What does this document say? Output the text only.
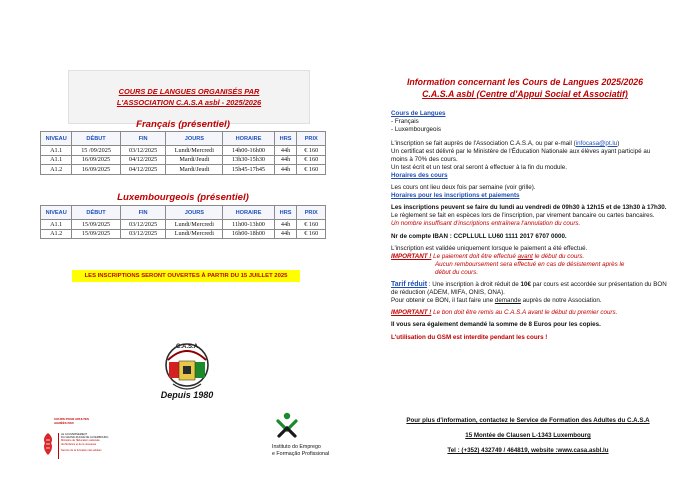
COURS DE LANGUES ORGANISÉS PAR
L'ASSOCIATION C.A.S.A asbl - 2025/2026
Français (présentiel)
NIVEAU	DÉBUT	FIN	JOURS	HORAIRE	HRS	PRIX
A1.1	15 /09/2025	03/12/2025	Lundi/Mercredi	14h00-16h00	44h	€ 160
A1.1	16/09/2025	04/12/2025	Mardi/Jeudi	13h30-15h30	44h	€ 160
A1.2	16/09/2025	04/12/2025	Mardi/Jeudi	15h45-17h45	44h	€ 160
Luxembourgeois (présentiel)
NIVEAU	DÉBUT	FIN	JOURS	HORAIRE	HRS	PRIX
A1.1	15/09/2025	03/12/2025	Lundi/Mercredi	11h00-13h00	44h	€ 160
A1.2	15/09/2025	03/12/2025	Lundi/Mercredi	16h00-18h00	44h	€ 160
LES INSCRIPTIONS SERONT OUVERTES À PARTIR DU 15 JUILLET 2025
C.A.S.A
Depuis 1980
COURS POUR ADULTES
AGRÉÉS PAR
LE GOUVERNEMENT
DU GRAND-DUCHÉ DE LUXEMBOURG
Ministère de l'Éducation nationale,
de l'Enfance et de la Jeunesse
Service de la formation des adultes
Instituto do Emprego
e Formação Profissional
Information concernant les Cours de Langues 2025/2026
C.A.S.A asbl (Centre d'Appui Social et Associatif)
Cours de Langues
- Français
- Luxembourgeois
L'inscription se fait auprès de l'Association C.A.S.A, ou par e-mail (infocasa@pt.lu)
Un certificat est délivré par le Ministère de l'Éducation Nationale aux élèves ayant participé au moins à 70% des cours.
Un test écrit et un test oral seront à effectuer à la fin du module.
Horaires des cours
Les cours ont lieu deux fois par semaine (voir grille).
Horaires pour les inscriptions et paiements
Les inscriptions peuvent se faire du lundi au vendredi de 09h30 à 12h15 et de 13h30 à 17h30. Le règlement se fait en espèces lors de l'inscription, par virement bancaire ou cartes bancaires.
Un nombre insuffisant d'inscriptions entraînera l'annulation du cours.
Nr de compte IBAN : CCPLLULL LU60 1111 2017 6707 0000.
L'inscription est validée uniquement lorsque le paiement a été effectué.
IMPORTANT ! Le paiement doit être effectué avant le début du cours.
Aucun remboursement sera effectué en cas de désistement après le début du cours.
Tarif réduit : Une inscription à droit réduit de 10€ par cours est accordée sur présentation du BON de réduction (ADEM, MIFA, ONIS, ONA).
Pour obtenir ce BON, il faut faire une demande auprès de notre Association.
IMPORTANT ! Le bon doit être remis au C.A.S.A avant le début du premier cours.
Il vous sera également demandé la somme de 8 Euros pour les copies.
L'utilisation du GSM est interdite pendant les cours !
Pour plus d'information, contactez le Service de Formation des Adultes du C.A.S.A
15 Montée de Clausen L-1343 Luxembourg
Tel : (+352) 432749 / 464819, website :www.casa.asbl.lu
